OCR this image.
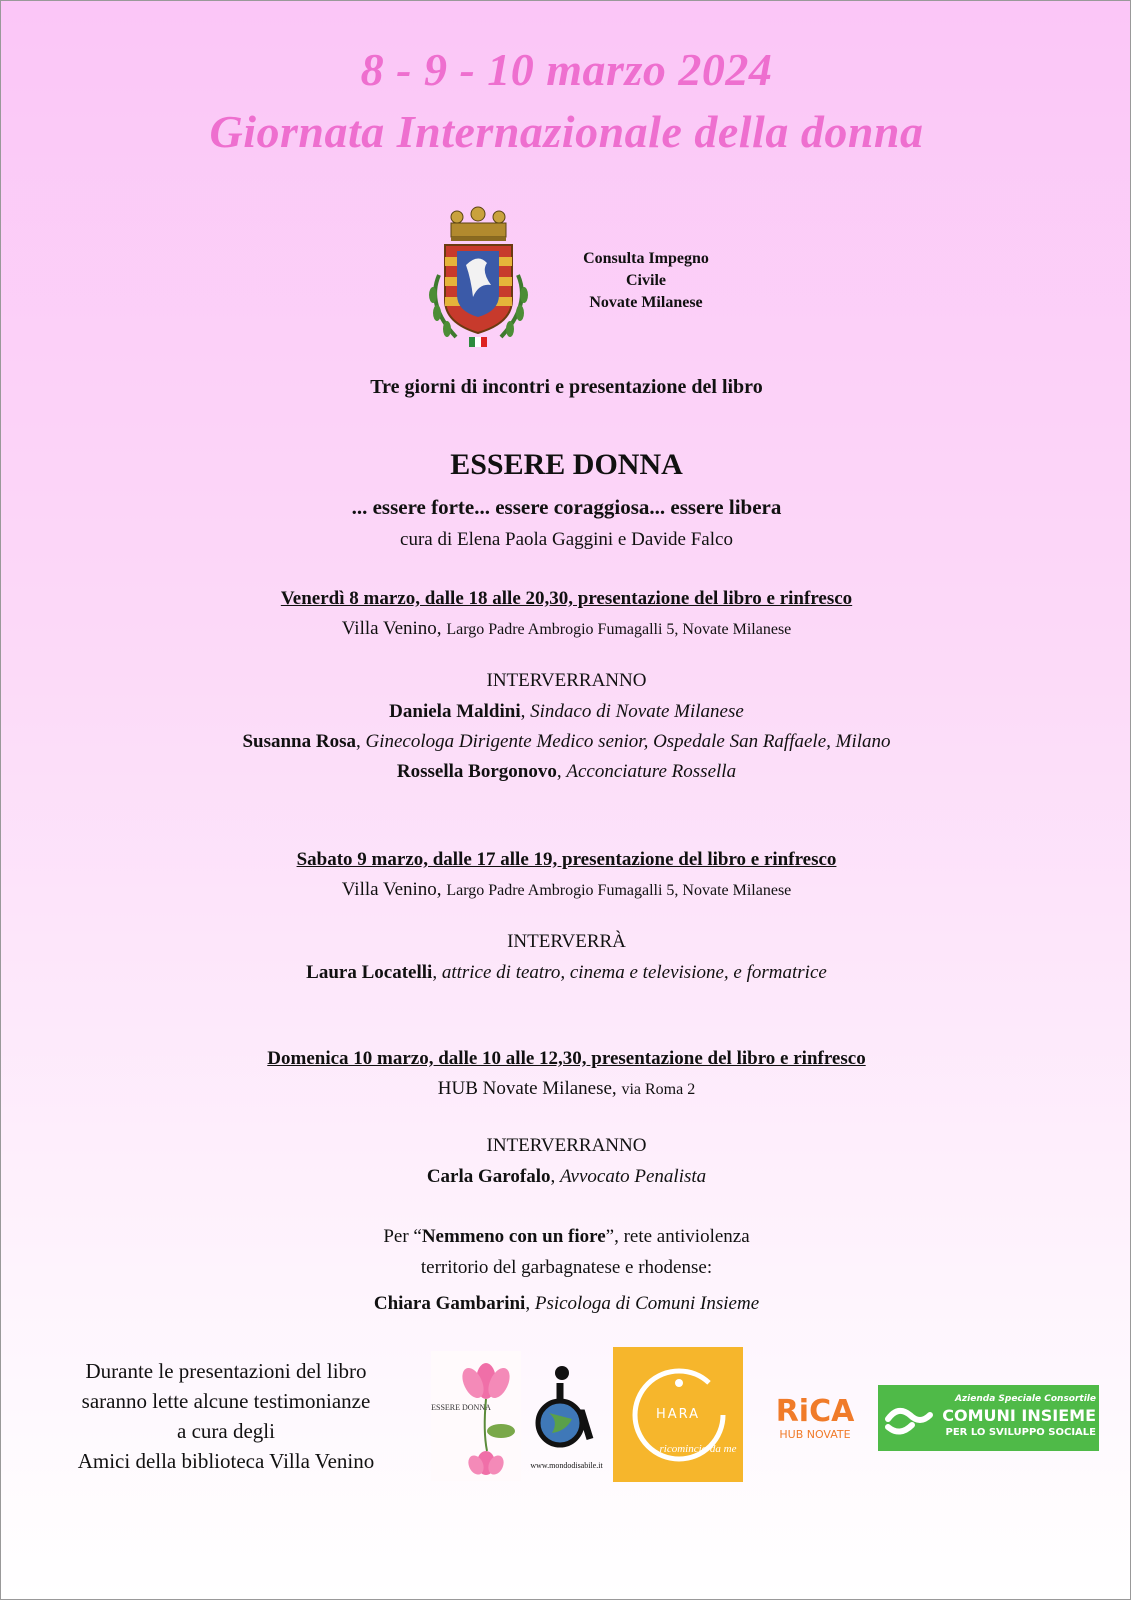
8 - 9 - 10 marzo 2024
Giornata Internazionale della donna
Consulta Impegno
Civile
Novate Milanese
Tre giorni di incontri e presentazione del libro
ESSERE DONNA
... essere forte... essere coraggiosa... essere libera
cura di Elena Paola Gaggini e Davide Falco
Venerdì 8 marzo, dalle 18 alle 20,30, presentazione del libro e rinfresco
Villa Venino, Largo Padre Ambrogio Fumagalli 5, Novate Milanese
INTERVERRANNO
Daniela Maldini, Sindaco di Novate Milanese
Susanna Rosa, Ginecologa Dirigente Medico senior, Ospedale San Raffaele, Milano
Rossella Borgonovo, Acconciature Rossella
Sabato 9 marzo, dalle 17 alle 19, presentazione del libro e rinfresco
Villa Venino, Largo Padre Ambrogio Fumagalli 5, Novate Milanese
INTERVERRÀ
Laura Locatelli, attrice di teatro, cinema e televisione, e formatrice
Domenica 10 marzo, dalle 10 alle 12,30, presentazione del libro e rinfresco
HUB Novate Milanese, via Roma 2
INTERVERRANNO
Carla Garofalo, Avvocato Penalista
Per “Nemmeno con un fiore”, rete antiviolenza
territorio del garbagnatese e rhodense:
Chiara Gambarini, Psicologa di Comuni Insieme
Durante le presentazioni del libro
saranno lette alcune testimonianze
a cura degli
Amici della biblioteca Villa Venino
ESSERE DONNA
www.mondodisabile.it
HARA
ricomincio da me
RiCA
HUB NOVATE
Azienda Speciale Consortile
COMUNI INSIEME
PER LO SVILUPPO SOCIALE
